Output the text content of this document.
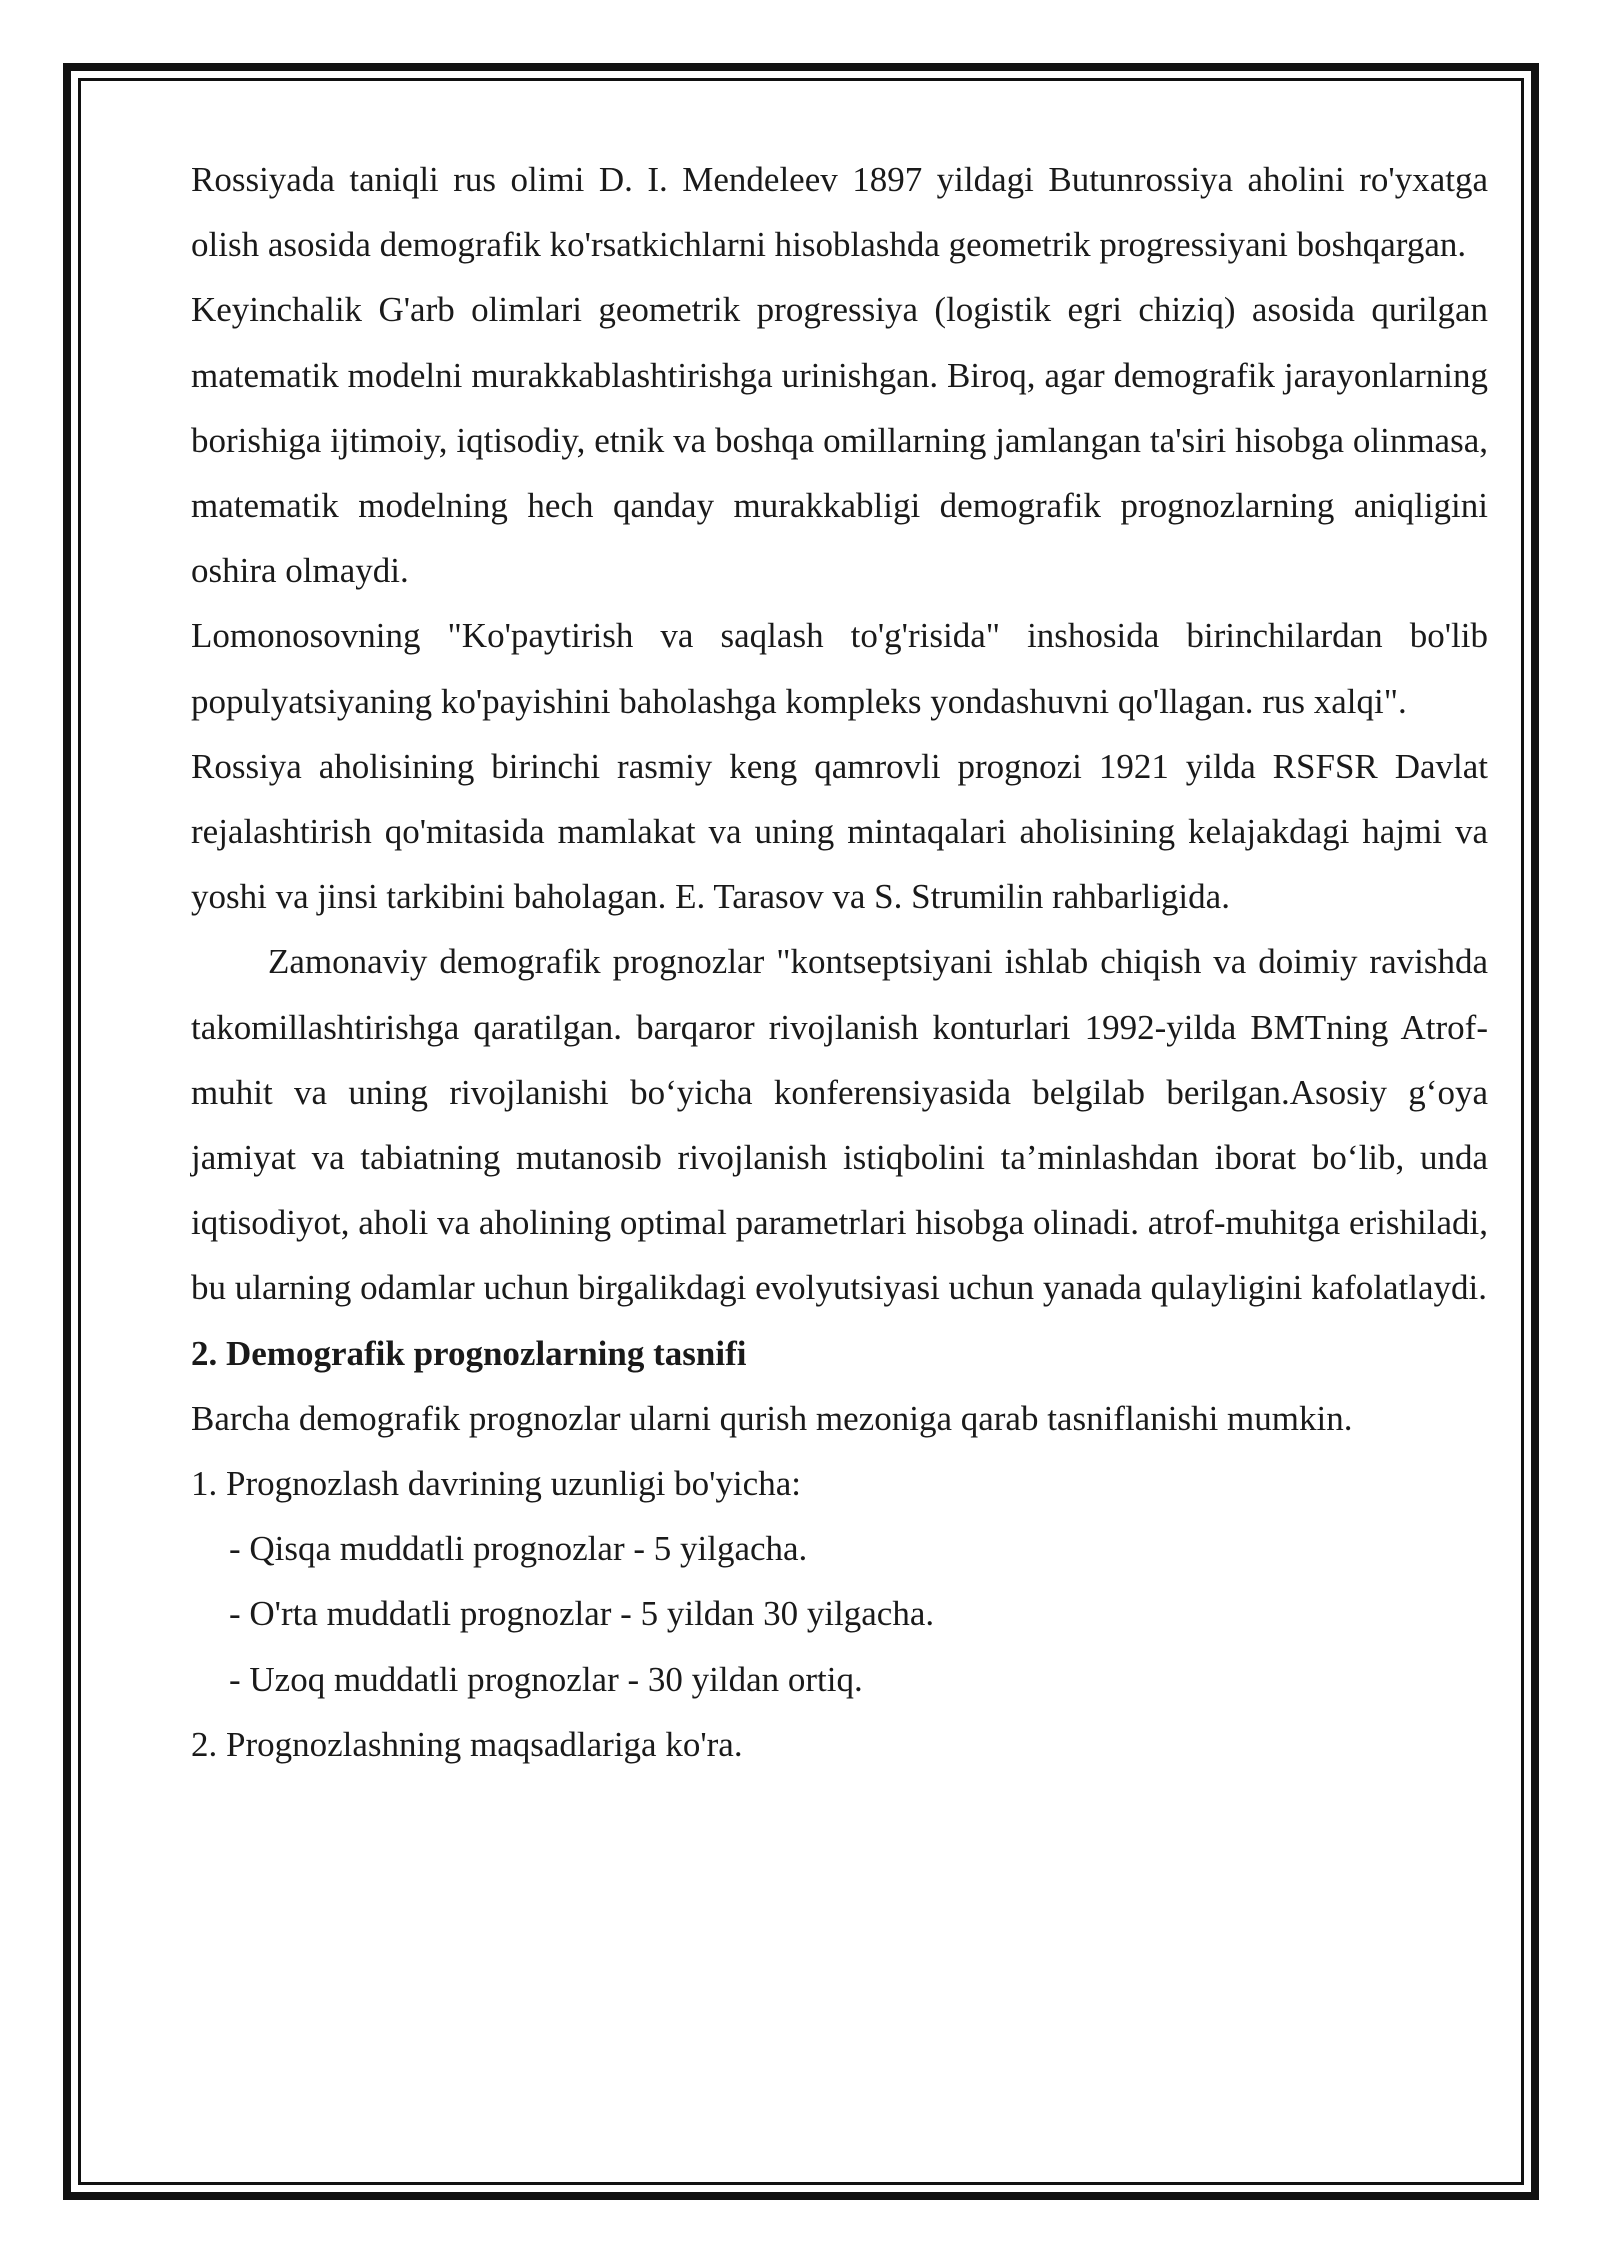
Rossiyada taniqli rus olimi D. I. Mendeleev 1897 yildagi Butunrossiya aholini ro'yxatga olish asosida demografik ko'rsatkichlarni hisoblashda geometrik progressiyani boshqargan.

Keyinchalik G'arb olimlari geometrik progressiya (logistik egri chiziq) asosida qurilgan matematik modelni murakkablashtirishga urinishgan. Biroq, agar demografik jarayonlarning borishiga ijtimoiy, iqtisodiy, etnik va boshqa omillarning jamlangan ta'siri hisobga olinmasa, matematik modelning hech qanday murakkabligi demografik prognozlarning aniqligini oshira olmaydi.

Lomonosovning "Ko'paytirish va saqlash to'g'risida" inshosida birinchilardan bo'lib populyatsiyaning ko'payishini baholashga kompleks yondashuvni qo'llagan. rus xalqi".

Rossiya aholisining birinchi rasmiy keng qamrovli prognozi 1921 yilda RSFSR Davlat rejalashtirish qo'mitasida mamlakat va uning mintaqalari aholisining kelajakdagi hajmi va yoshi va jinsi tarkibini baholagan. E. Tarasov va S. Strumilin rahbarligida.

Zamonaviy demografik prognozlar "kontseptsiyani ishlab chiqish va doimiy ravishda takomillashtirishga qaratilgan. barqaror rivojlanish konturlari 1992-yilda BMTning Atrof-muhit va uning rivojlanishi bo‘yicha konferensiyasida belgilab berilgan.Asosiy g‘oya jamiyat va tabiatning mutanosib rivojlanish istiqbolini ta’minlashdan iborat bo‘lib, unda iqtisodiyot, aholi va aholining optimal parametrlari hisobga olinadi. atrof-muhitga erishiladi, bu ularning odamlar uchun birgalikdagi evolyutsiyasi uchun yanada qulayligini kafolatlaydi.

2. Demografik prognozlarning tasnifi

Barcha demografik prognozlar ularni qurish mezoniga qarab tasniflanishi mumkin.

1. Prognozlash davrining uzunligi bo'yicha:

- Qisqa muddatli prognozlar - 5 yilgacha.

- O'rta muddatli prognozlar - 5 yildan 30 yilgacha.

- Uzoq muddatli prognozlar - 30 yildan ortiq.

2. Prognozlashning maqsadlariga ko'ra.
